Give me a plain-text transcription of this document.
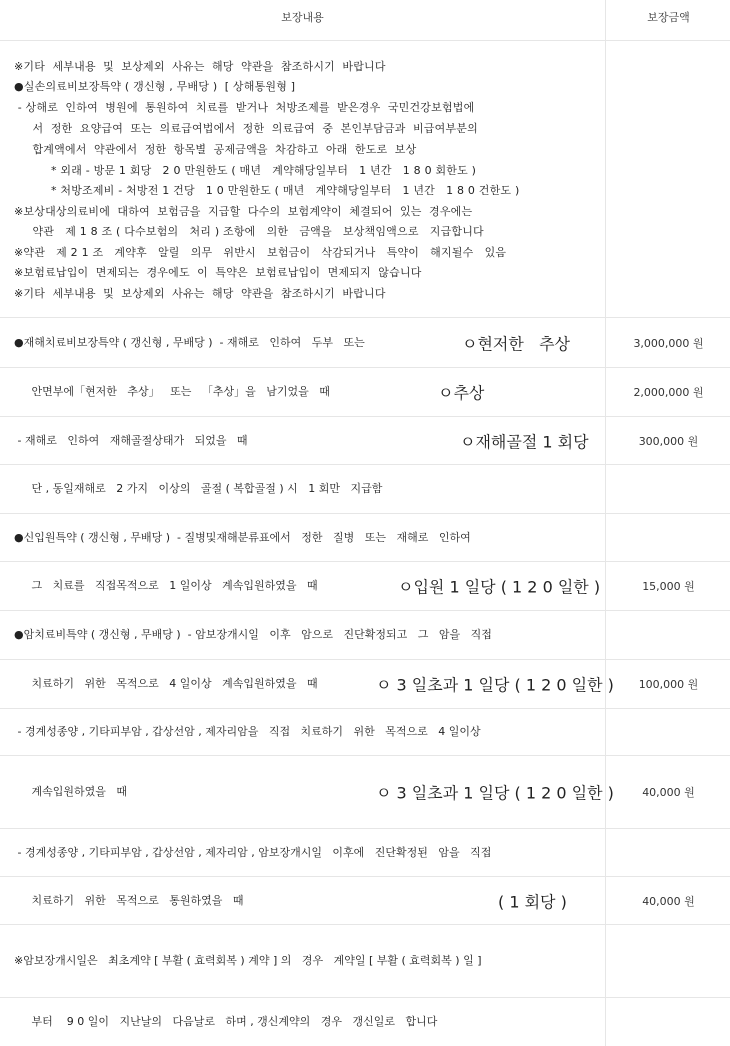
보장내용	보장금액
※기타  세부내용  및  보상제외  사유는  해당  약관을  참조하시기  바랍니다
●실손의료비보장특약 ( 갱신형 , 무배당 )  [ 상해통원형 ]
- 상해로  인하여  병원에  통원하여  치료를  받거나  처방조제를  받은경우  국민건강보험법에
서  정한  요양급여  또는  의료급여법에서  정한  의료급여  중  본인부담금과  비급여부분의
합계액에서  약관에서  정한  항목별  공제금액을  차감하고  아래  한도로  보상
* 외래 - 방문 1 회당   2 0 만원한도 ( 매년   계약해당일부터   1 년간   1 8 0 회한도 )
* 처방조제비 - 처방전 1 건당   1 0 만원한도 ( 매년   계약해당일부터   1 년간   1 8 0 건한도 )
※보상대상의료비에  대하여  보험금을  지급할  다수의  보험계약이  체결되어  있는  경우에는
약관   제 1 8 조 ( 다수보험의   처리 ) 조항에   의한   금액을   보상책임액으로   지급합니다
※약관   제 2 1 조   계약후   알릴   의무   위반시   보험금이   삭감되거나   특약이   해지될수   있음
※보험료납입이  면제되는  경우에도  이  특약은  보험료납입이  면제되지  않습니다
※기타  세부내용  및  보상제외  사유는  해당  약관을  참조하시기  바랍니다
●재해치료비보장특약 ( 갱신형 , 무배당 )  - 재해로   인하여   두부   또는	ㅇ현저한   추상	3,000,000 원
안면부에「현저한   추상」   또는   「추상」을   남기었을   때	ㅇ추상	2,000,000 원
- 재해로   인하여   재해골절상태가   되었을   때	ㅇ재해골절 1 회당	300,000 원
단 , 동일재해로   2 가지   이상의   골절 ( 복합골절 ) 시   1 회만   지급함
●신입원특약 ( 갱신형 , 무배당 )  - 질병및재해분류표에서   정한   질병   또는   재해로   인하여
그   치료를   직접목적으로   1 일이상   계속입원하였을   때	ㅇ입원 1 일당 ( 1 2 0 일한 )	15,000 원
●암치료비특약 ( 갱신형 , 무배당 )  - 암보장개시일   이후   암으로   진단확정되고   그   암을   직접
치료하기   위한   목적으로   4 일이상   계속입원하였을   때	ㅇ 3 일초과 1 일당 ( 1 2 0 일한 )	100,000 원
- 경계성종양 , 기타피부암 , 갑상선암 , 제자리암을   직접   치료하기   위한   목적으로   4 일이상
계속입원하였을   때	ㅇ 3 일초과 1 일당 ( 1 2 0 일한 )	40,000 원
- 경계성종양 , 기타피부암 , 갑상선암 , 제자리암 , 암보장개시일   이후에   진단확정된   암을   직접
치료하기   위한   목적으로   통원하였을   때	( 1 회당 )	40,000 원
※암보장개시일은   최초계약 [ 부활 ( 효력회복 ) 계약 ] 의   경우   계약일 [ 부활 ( 효력회복 ) 일 ]
부터    9 0 일이   지난날의   다음날로   하며 , 갱신계약의   경우   갱신일로   합니다
